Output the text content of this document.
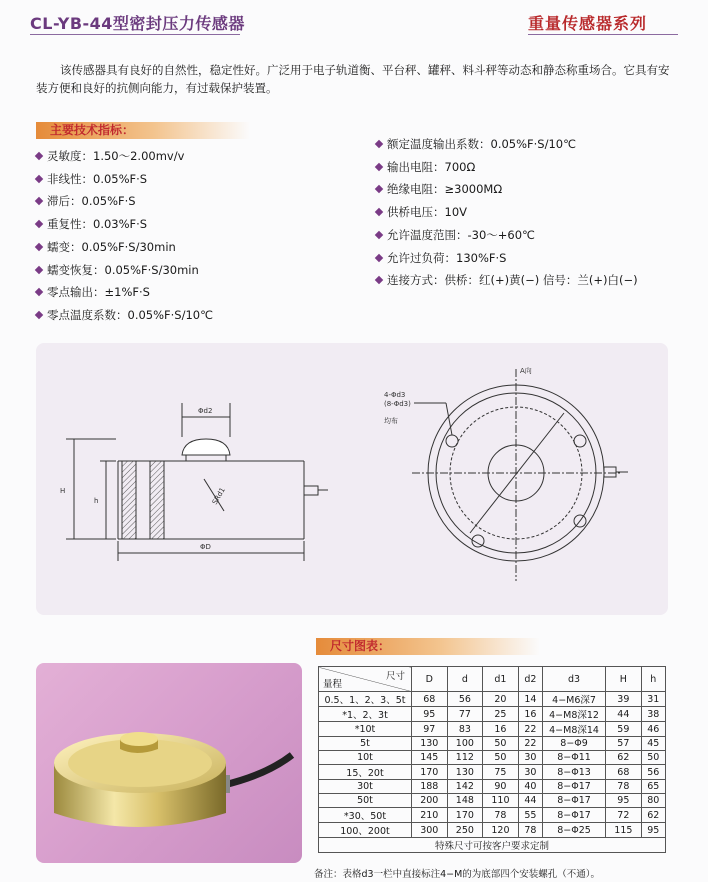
CL-YB-44型密封压力传感器	重量传感器系列
该传感器具有良好的自然性，稳定性好。广泛用于电子轨道衡、平台秤、罐秤、料斗秤等动态和静态称重场合。它具有安装方便和良好的抗侧向能力，有过载保护装置。
主要技术指标：
灵敏度：1.50～2.00mv/v
非线性：0.05%F·S
滞后：0.05%F·S
重复性：0.03%F·S
蠕变：0.05%F·S/30min
蠕变恢复：0.05%F·S/30min
零点输出：±1%F·S
零点温度系数：0.05%F·S/10℃
额定温度输出系数：0.05%F·S/10℃
输出电阻：700Ω
绝缘电阻：≥3000MΩ
供桥电压：10V
允许温度范围：-30～+60℃
允许过负荷：130%F·S
连接方式：供桥：红(+)黄(−) 信号：兰(+)白(−)
Φd2
H
h
ΦD
SRd1
A向
4-Φd3
(8-Φd3)
均布
尺寸图表：
尺寸
量程	D	d	d1	d2	d3	H	h
0.5、1、2、3、5t	68	56	20	14	4−M6深7	39	31
*1、2、3t	95	77	25	16	4−M8深12	44	38
*10t	97	83	16	22	4−M8深14	59	46
5t	130	100	50	22	8−Φ9	57	45
10t	145	112	50	30	8−Φ11	62	50
15、20t	170	130	75	30	8−Φ13	68	56
30t	188	142	90	40	8−Φ17	78	65
50t	200	148	110	44	8−Φ17	95	80
*30、50t	210	170	78	55	8−Φ17	72	62
100、200t	300	250	120	78	8−Φ25	115	95
特殊尺寸可按客户要求定制							
备注：表格d3一栏中直接标注4−M的为底部四个安装螺孔（不通）。
